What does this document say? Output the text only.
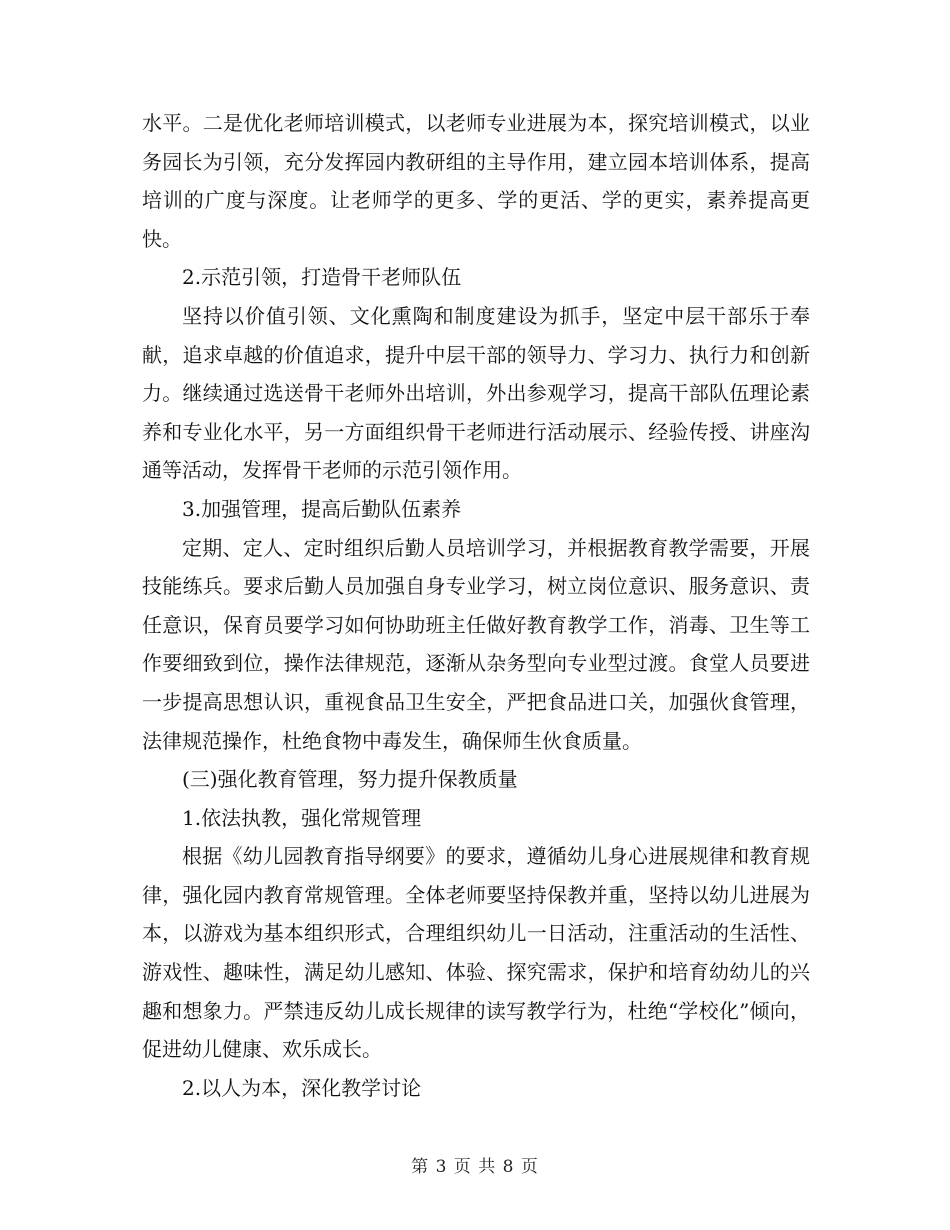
水平。二是优化老师培训模式，以老师专业进展为本，探究培训模式，以业务园长为引领，充分发挥园内教研组的主导作用，建立园本培训体系，提高培训的广度与深度。让老师学的更多、学的更活、学的更实，素养提高更快。

2.示范引领，打造骨干老师队伍

坚持以价值引领、文化熏陶和制度建设为抓手，坚定中层干部乐于奉献，追求卓越的价值追求，提升中层干部的领导力、学习力、执行力和创新力。继续通过选送骨干老师外出培训，外出参观学习，提高干部队伍理论素养和专业化水平，另一方面组织骨干老师进行活动展示、经验传授、讲座沟通等活动，发挥骨干老师的示范引领作用。

3.加强管理，提高后勤队伍素养

定期、定人、定时组织后勤人员培训学习，并根据教育教学需要，开展技能练兵。要求后勤人员加强自身专业学习，树立岗位意识、服务意识、责任意识，保育员要学习如何协助班主任做好教育教学工作，消毒、卫生等工作要细致到位，操作法律规范，逐渐从杂务型向专业型过渡。食堂人员要进一步提高思想认识，重视食品卫生安全，严把食品进口关，加强伙食管理，法律规范操作，杜绝食物中毒发生，确保师生伙食质量。

(三)强化教育管理，努力提升保教质量

1.依法执教，强化常规管理

根据《幼儿园教育指导纲要》的要求，遵循幼儿身心进展规律和教育规律，强化园内教育常规管理。全体老师要坚持保教并重，坚持以幼儿进展为本，以游戏为基本组织形式，合理组织幼儿一日活动，注重活动的生活性、游戏性、趣味性，满足幼儿感知、体验、探究需求，保护和培育幼幼儿的兴趣和想象力。严禁违反幼儿成长规律的读写教学行为，杜绝“学校化”倾向，促进幼儿健康、欢乐成长。

2.以人为本，深化教学讨论

第 3 页 共 8 页
